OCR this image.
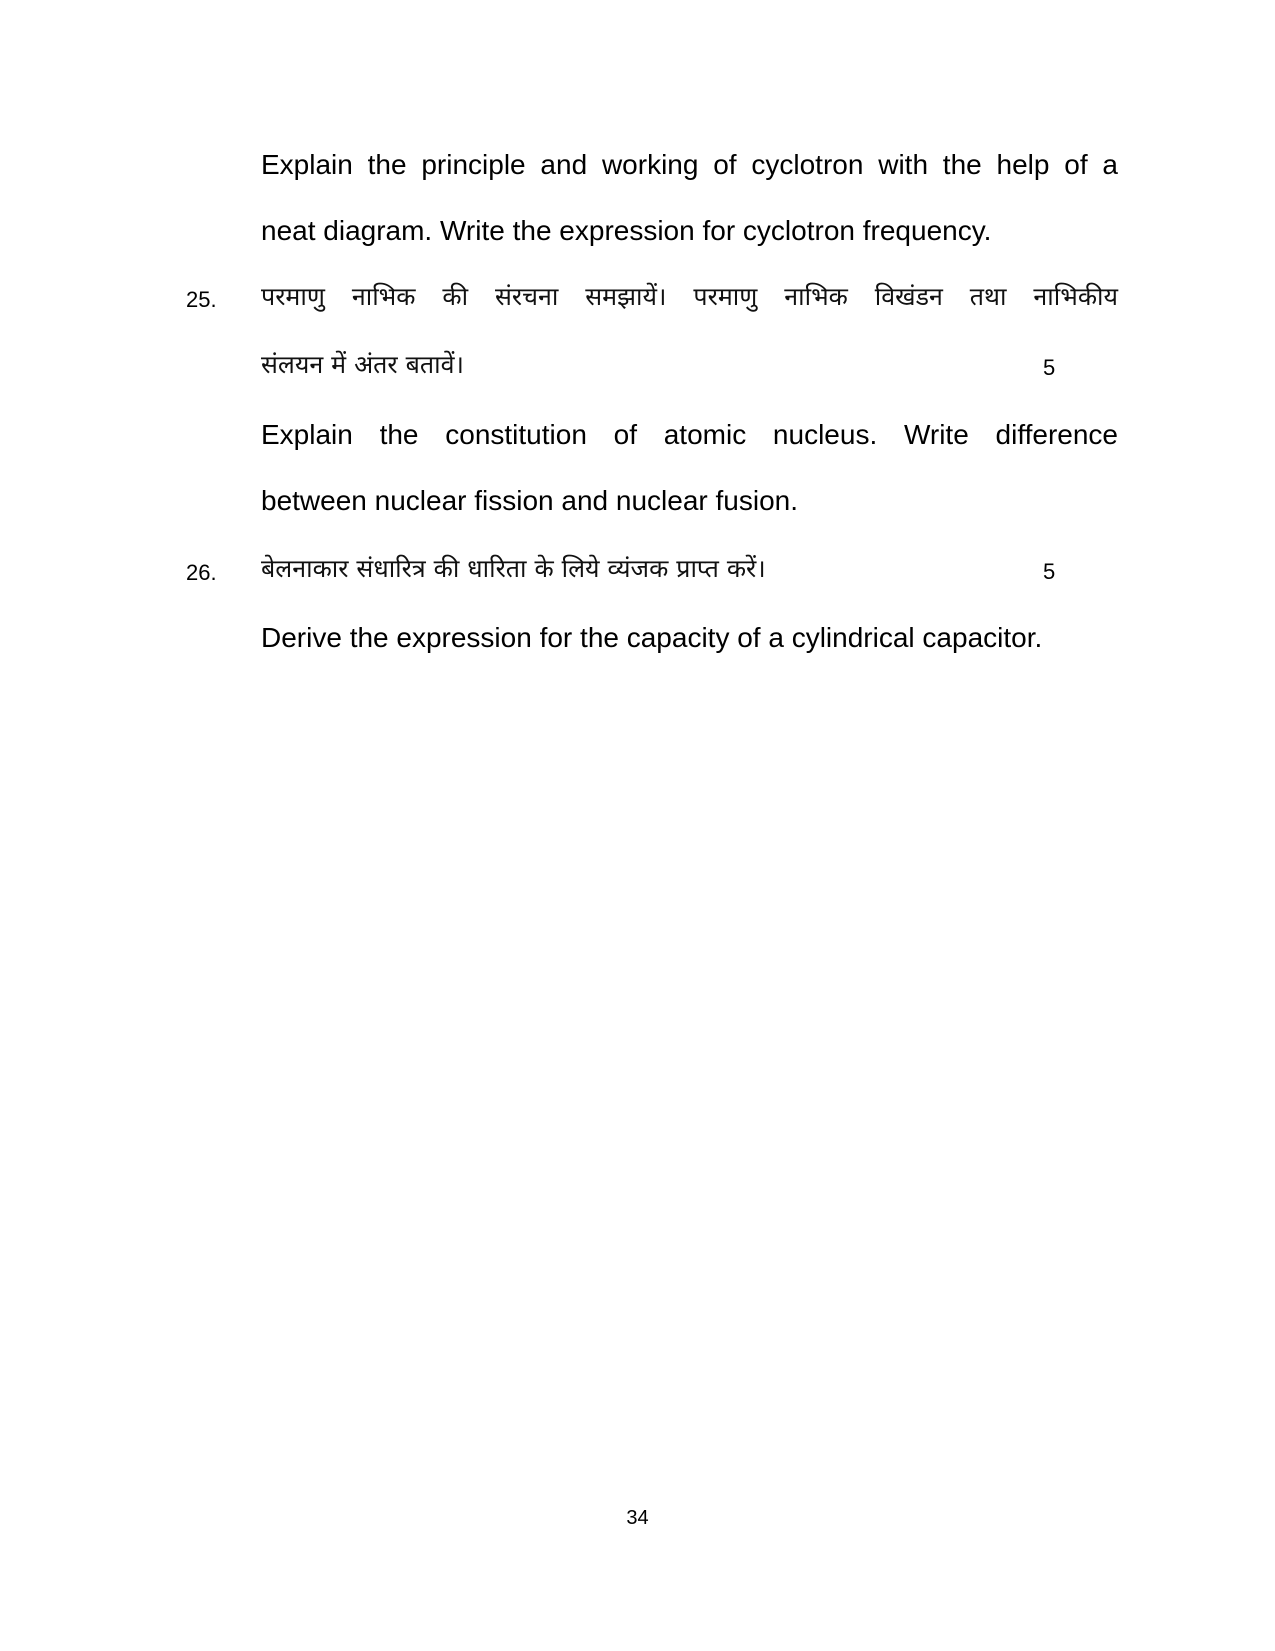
Explain the principle and working of cyclotron with the help of a
neat diagram. Write the expression for cyclotron frequency.
25. परमाणु नाभिक की संरचना समझायें। परमाणु नाभिक विखंडन तथा नाभिकीय
संलयन में अंतर बतावें।	5
Explain the constitution of atomic nucleus. Write difference
between nuclear fission and nuclear fusion.
26. बेलनाकार संधारित्र की धारिता के लिये व्यंजक प्राप्त करें।	5
Derive the expression for the capacity of a cylindrical capacitor.
34
